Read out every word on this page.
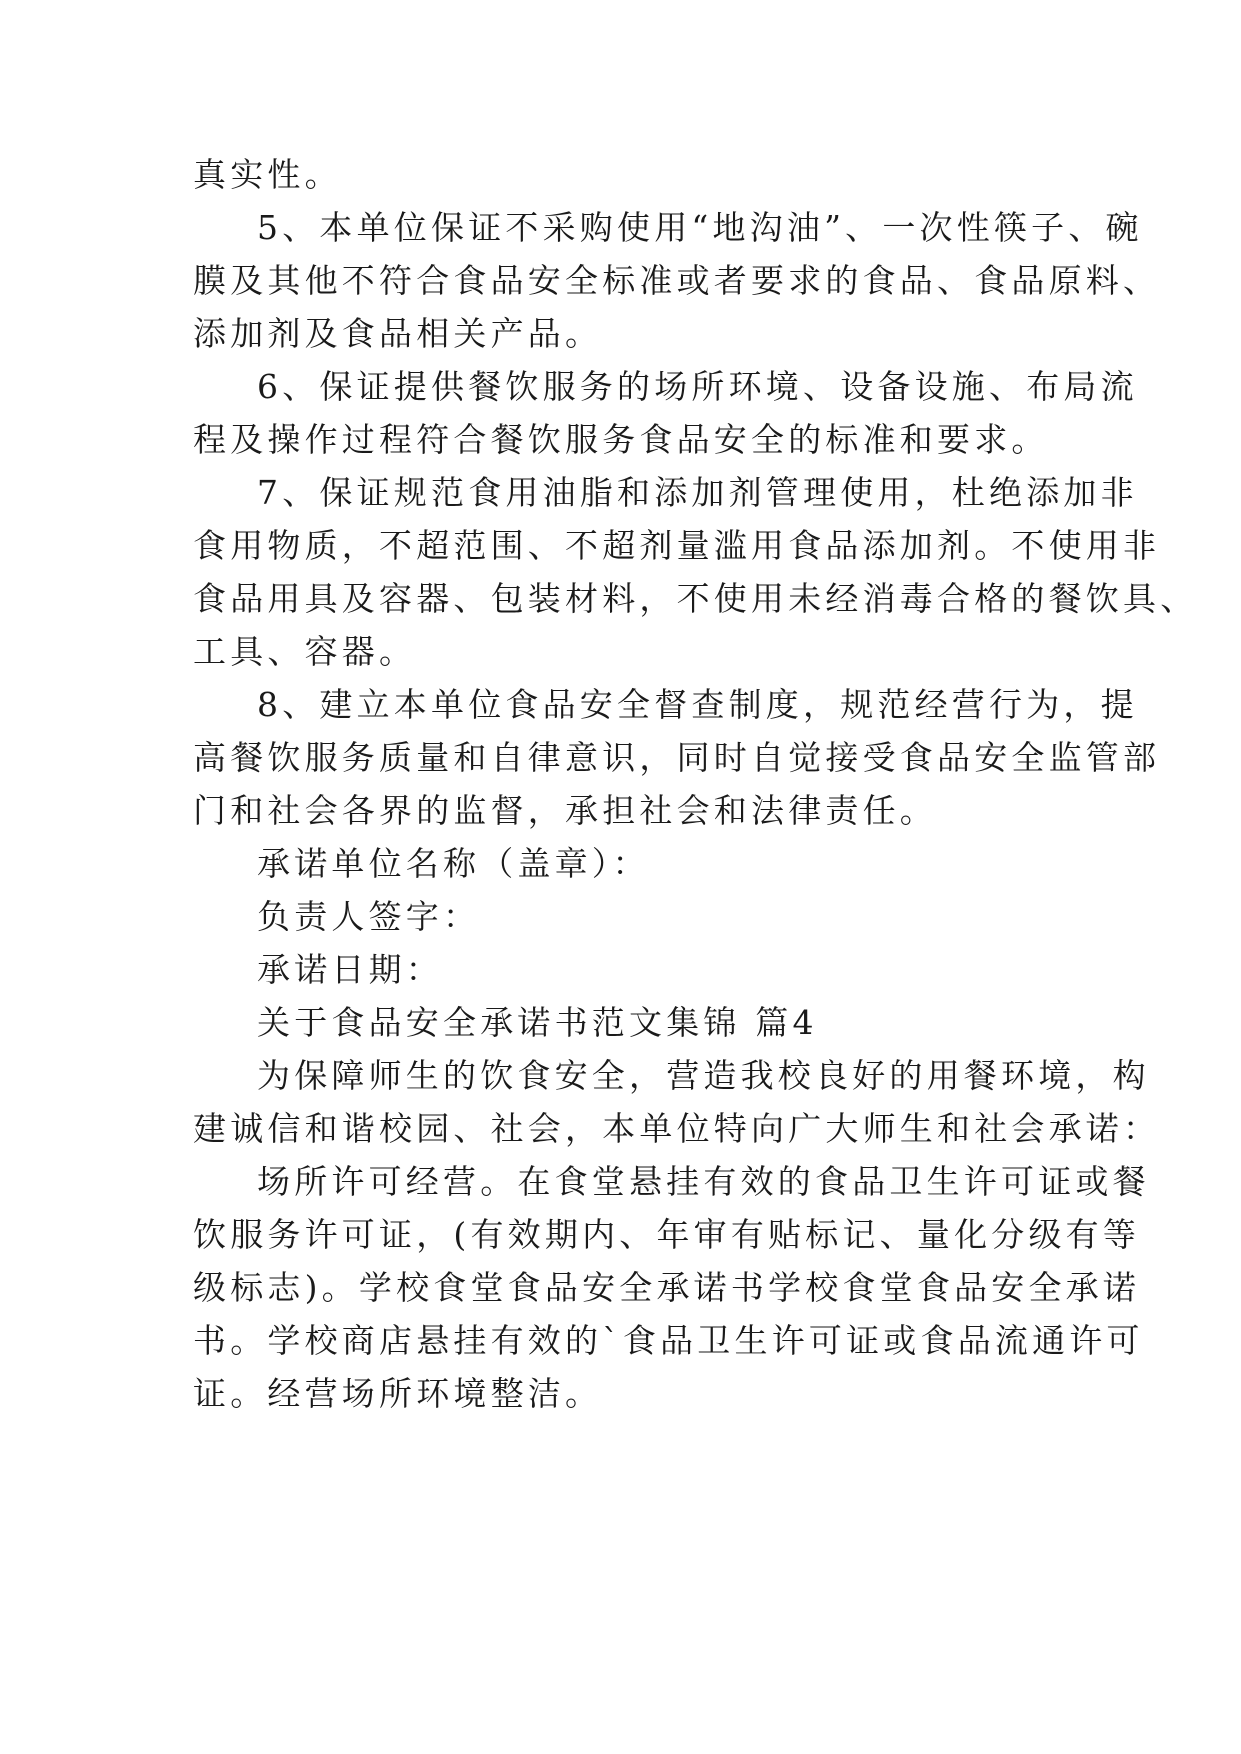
真实性。
5、本单位保证不采购使用“地沟油”、一次性筷子、碗
膜及其他不符合食品安全标准或者要求的食品、食品原料、
添加剂及食品相关产品。
6、保证提供餐饮服务的场所环境、设备设施、布局流
程及操作过程符合餐饮服务食品安全的标准和要求。
7、保证规范食用油脂和添加剂管理使用，杜绝添加非
食用物质，不超范围、不超剂量滥用食品添加剂。不使用非
食品用具及容器、包装材料，不使用未经消毒合格的餐饮具、
工具、容器。
8、建立本单位食品安全督查制度，规范经营行为，提
高餐饮服务质量和自律意识，同时自觉接受食品安全监管部
门和社会各界的监督，承担社会和法律责任。
承诺单位名称（盖章）：
负责人签字：
承诺日期：
关于食品安全承诺书范文集锦 篇4
为保障师生的饮食安全，营造我校良好的用餐环境，构
建诚信和谐校园、社会，本单位特向广大师生和社会承诺：
场所许可经营。在食堂悬挂有效的食品卫生许可证或餐
饮服务许可证，(有效期内、年审有贴标记、量化分级有等
级标志)。学校食堂食品安全承诺书学校食堂食品安全承诺
书。学校商店悬挂有效的`食品卫生许可证或食品流通许可
证。经营场所环境整洁。
